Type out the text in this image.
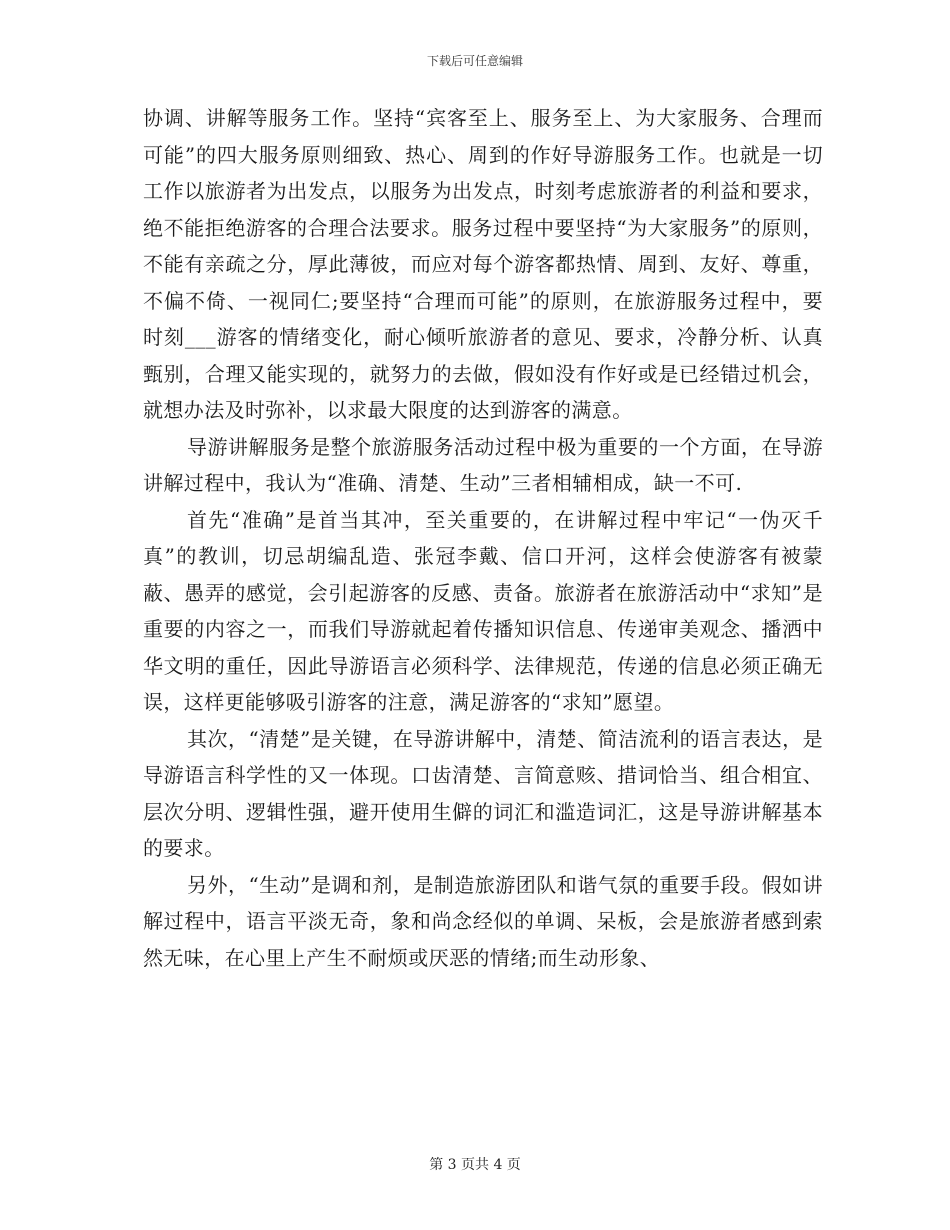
下载后可任意编辑

协调、讲解等服务工作。坚持“宾客至上、服务至上、为大家服务、合理而可能”的四大服务原则细致、热心、周到的作好导游服务工作。也就是一切工作以旅游者为出发点，以服务为出发点，时刻考虑旅游者的利益和要求，绝不能拒绝游客的合理合法要求。服务过程中要坚持“为大家服务”的原则，不能有亲疏之分，厚此薄彼，而应对每个游客都热情、周到、友好、尊重，不偏不倚、一视同仁;要坚持“合理而可能”的原则，在旅游服务过程中，要时刻___游客的情绪变化，耐心倾听旅游者的意见、要求，冷静分析、认真甄别，合理又能实现的，就努力的去做，假如没有作好或是已经错过机会，就想办法及时弥补，以求最大限度的达到游客的满意。

导游讲解服务是整个旅游服务活动过程中极为重要的一个方面，在导游讲解过程中，我认为“准确、清楚、生动”三者相辅相成，缺一不可.

首先“准确”是首当其冲，至关重要的，在讲解过程中牢记“一伪灭千真”的教训，切忌胡编乱造、张冠李戴、信口开河，这样会使游客有被蒙蔽、愚弄的感觉，会引起游客的反感、责备。旅游者在旅游活动中“求知”是重要的内容之一，而我们导游就起着传播知识信息、传递审美观念、播洒中华文明的重任，因此导游语言必须科学、法律规范，传递的信息必须正确无误，这样更能够吸引游客的注意，满足游客的“求知”愿望。

其次，“清楚”是关键，在导游讲解中，清楚、简洁流利的语言表达，是导游语言科学性的又一体现。口齿清楚、言简意赅、措词恰当、组合相宜、层次分明、逻辑性强，避开使用生僻的词汇和滥造词汇，这是导游讲解基本的要求。

另外，“生动”是调和剂，是制造旅游团队和谐气氛的重要手段。假如讲解过程中，语言平淡无奇，象和尚念经似的单调、呆板，会是旅游者感到索然无味，在心里上产生不耐烦或厌恶的情绪;而生动形象、

第 3 页共 4 页
